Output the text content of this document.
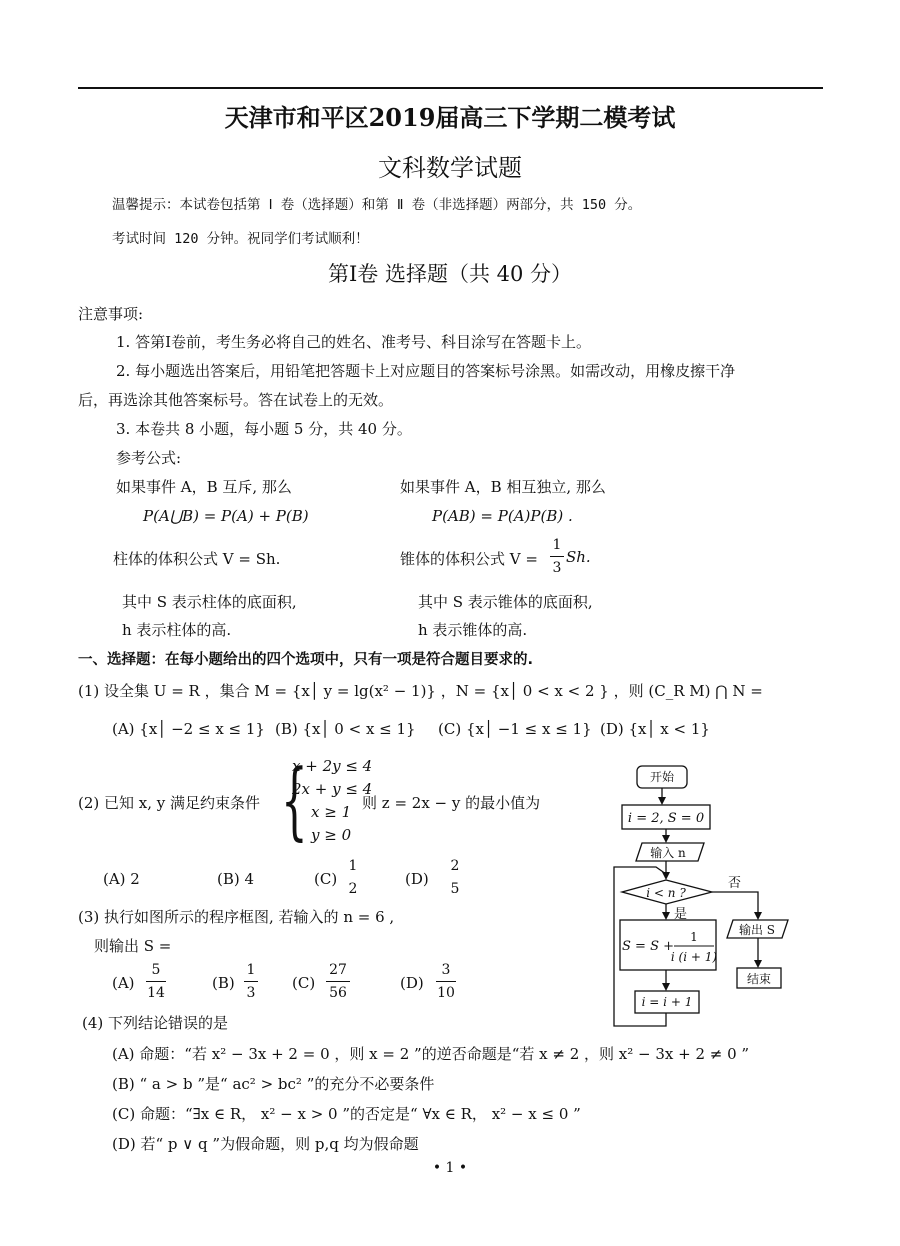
天津市和平区2019届高三下学期二模考试
文科数学试题
温馨提示：本试卷包括第 Ⅰ 卷（选择题）和第 Ⅱ 卷（非选择题）两部分，共 150 分。
考试时间 120 分钟。祝同学们考试顺利！
第Ⅰ卷 选择题（共 40 分）
注意事项:
1. 答第Ⅰ卷前，考生务必将自己的姓名、准考号、科目涂写在答题卡上。
2. 每小题选出答案后，用铅笔把答题卡上对应题目的答案标号涂黑。如需改动，用橡皮擦干净
后，再选涂其他答案标号。答在试卷上的无效。
3. 本卷共 8 小题，每小题 5 分，共 40 分。
参考公式:
如果事件 A，B 互斥, 那么
P(A⋃B) = P(A) + P(B)
柱体的体积公式 V = Sh.
其中 S 表示柱体的底面积,
h 表示柱体的高.
如果事件 A，B 相互独立, 那么
P(AB) = P(A)P(B) .
锥体的体积公式 V =
1
3
Sh.
其中 S 表示锥体的底面积,
h 表示锥体的高.
一、选择题：在每小题给出的四个选项中，只有一项是符合题目要求的.
(1) 设全集 U = R ，集合 M = {x│ y = lg(x² − 1)} ，N = {x│ 0 < x < 2 } ，则 (C_R M) ⋂ N =
(A) {x│ −2 ≤ x ≤ 1} (B) {x│ 0 < x ≤ 1} (C) {x│ −1 ≤ x ≤ 1} (D) {x│ x < 1}
(2) 已知 x, y 满足约束条件 {
x + 2y ≤ 4
2x + y ≤ 4
x ≥ 1
y ≥ 0
则 z = 2x − y 的最小值为
(A) 2	(B) 4	(C)
1
2
(D)
2
5
(3) 执行如图所示的程序框图, 若输入的 n = 6 ,
则输出 S =
(A)
5
14
(B)
1
3
(C)
27
56
(D)
3
10
开始
i = 2, S = 0
输入 n
i < n ?
否
是
S = S +
1
i (i + 1)
i = i + 1
输出 S
结束
(4) 下列结论错误的是
(A) 命题：“若 x² − 3x + 2 = 0 ，则 x = 2 ”的逆否命题是“若 x ≠ 2 ，则 x² − 3x + 2 ≠ 0 ”
(B) “ a > b ”是“ ac² > bc² ”的充分不必要条件
(C) 命题：“∃x ∈ R， x² − x > 0 ”的否定是“ ∀x ∈ R， x² − x ≤ 0 ”
(D) 若“ p ∨ q ”为假命题，则 p,q 均为假命题
• 1 •
